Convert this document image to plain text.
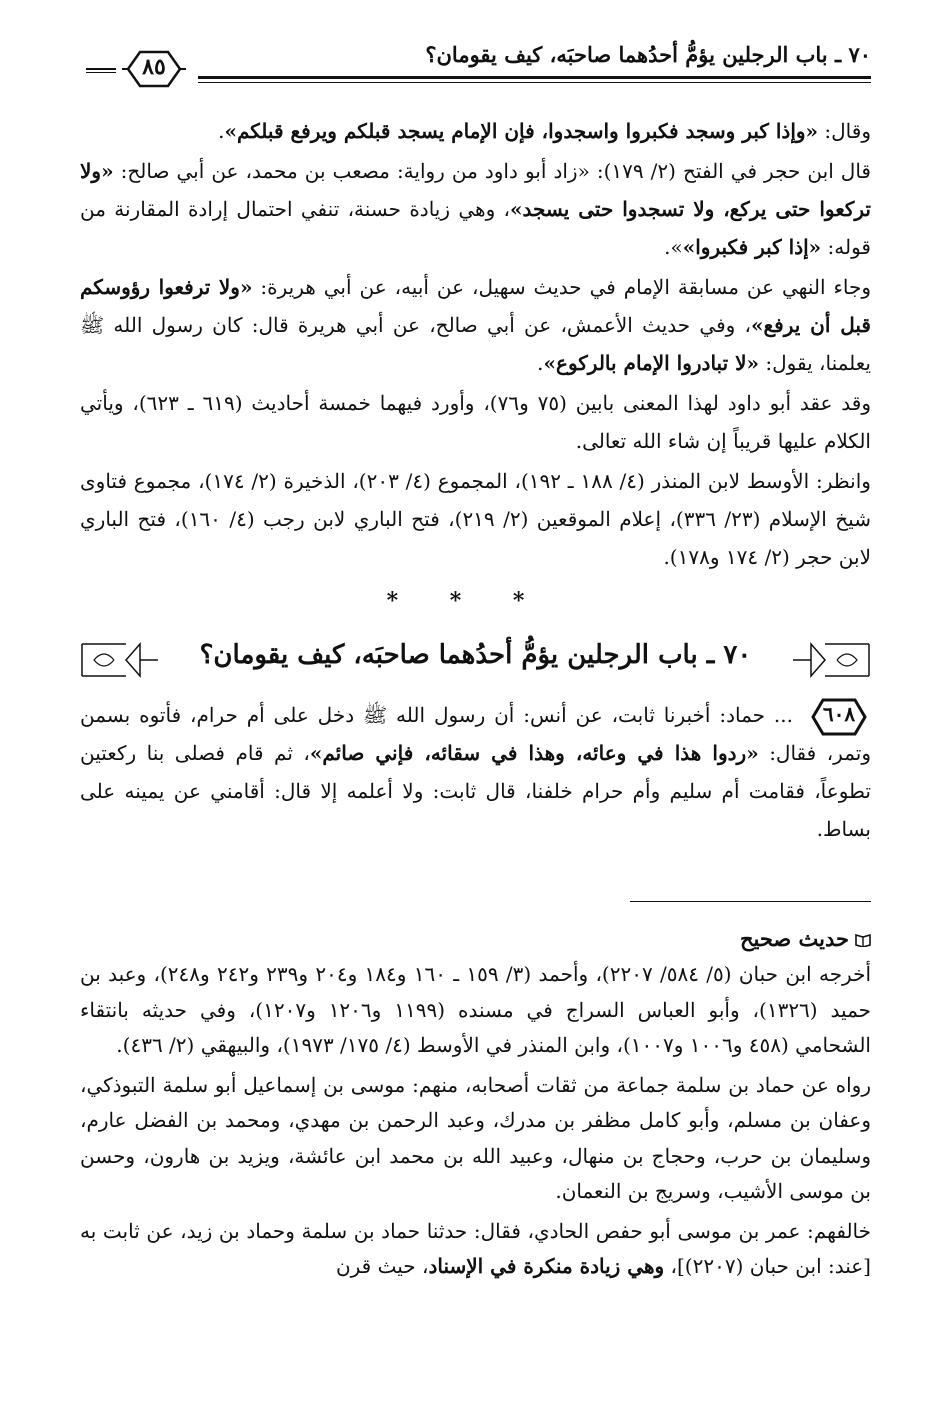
٧٠ ـ باب الرجلين يؤمُّ أحدُهما صاحبَه، كيف يقومان؟
٨٥

وقال: «وإذا كبر وسجد فكبروا واسجدوا، فإن الإمام يسجد قبلكم ويرفع قبلكم».

قال ابن حجر في الفتح (٢/ ١٧٩): «زاد أبو داود من رواية: مصعب بن محمد، عن أبي صالح: «ولا تركعوا حتى يركع، ولا تسجدوا حتى يسجد»، وهي زيادة حسنة، تنفي احتمال إرادة المقارنة من قوله: «إذا كبر فكبروا»».

وجاء النهي عن مسابقة الإمام في حديث سهيل، عن أبيه، عن أبي هريرة: «ولا ترفعوا رؤوسكم قبل أن يرفع»، وفي حديث الأعمش، عن أبي صالح، عن أبي هريرة قال: كان رسول الله ﷺ يعلمنا، يقول: «لا تبادروا الإمام بالركوع».

وقد عقد أبو داود لهذا المعنى بابين (٧٥ و٧٦)، وأورد فيهما خمسة أحاديث (٦١٩ ـ ٦٢٣)، ويأتي الكلام عليها قريباً إن شاء الله تعالى.

وانظر: الأوسط لابن المنذر (٤/ ١٨٨ ـ ١٩٢)، المجموع (٤/ ٢٠٣)، الذخيرة (٢/ ١٧٤)، مجموع فتاوى شيخ الإسلام (٢٣/ ٣٣٦)، إعلام الموقعين (٢/ ٢١٩)، فتح الباري لابن رجب (٤/ ١٦٠)، فتح الباري لابن حجر (٢/ ١٧٤ و١٧٨).

* * *
٧٠ ـ باب الرجلين يؤمُّ أحدُهما صاحبَه، كيف يقومان؟
٦٠٨

... حماد: أخبرنا ثابت، عن أنس: أن رسول الله ﷺ دخل على أم حرام، فأتوه بسمن وتمر، فقال: «ردوا هذا في وعائه، وهذا في سقائه، فإني صائم»، ثم قام فصلى بنا ركعتين تطوعاً، فقامت أم سليم وأم حرام خلفنا، قال ثابت: ولا أعلمه إلا قال: أقامني عن يمينه على بساط.

حديث صحيح

أخرجه ابن حبان (٥/ ٥٨٤/ ٢٢٠٧)، وأحمد (٣/ ١٥٩ ـ ١٦٠ و١٨٤ و٢٠٤ و٢٣٩ و٢٤٢ و٢٤٨)، وعبد بن حميد (١٣٢٦)، وأبو العباس السراج في مسنده (١١٩٩ و١٢٠٦ و١٢٠٧)، وفي حديثه بانتقاء الشحامي (٤٥٨ و١٠٠٦ و١٠٠٧)، وابن المنذر في الأوسط (٤/ ١٧٥/ ١٩٧٣)، والبيهقي (٢/ ٤٣٦).

رواه عن حماد بن سلمة جماعة من ثقات أصحابه، منهم: موسى بن إسماعيل أبو سلمة التبوذكي، وعفان بن مسلم، وأبو كامل مظفر بن مدرك، وعبد الرحمن بن مهدي، ومحمد بن الفضل عارم، وسليمان بن حرب، وحجاج بن منهال، وعبيد الله بن محمد ابن عائشة، ويزيد بن هارون، وحسن بن موسى الأشيب، وسريج بن النعمان.

خالفهم: عمر بن موسى أبو حفص الحادي، فقال: حدثنا حماد بن سلمة وحماد بن زيد، عن ثابت به [عند: ابن حبان (٢٢٠٧)]، وهي زيادة منكرة في الإسناد، حيث قرن
